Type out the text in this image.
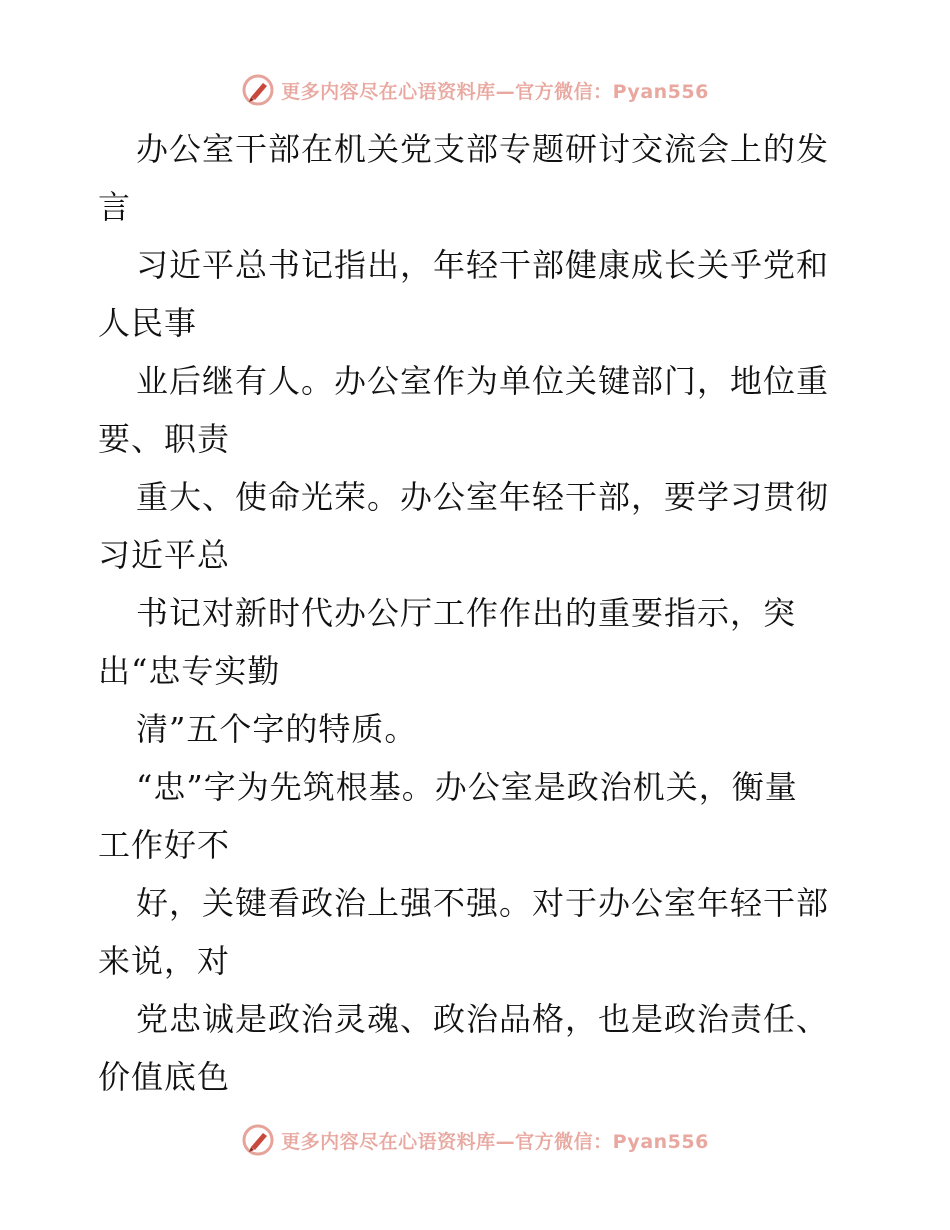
更多内容尽在心语资料库—官方微信：Pyan556
办公室干部在机关党支部专题研讨交流会上的发
言
习近平总书记指出，年轻干部健康成长关乎党和
人民事
业后继有人。办公室作为单位关键部门，地位重
要、职责
重大、使命光荣。办公室年轻干部，要学习贯彻
习近平总
书记对新时代办公厅工作作出的重要指示，突
出“忠专实勤
清”五个字的特质。
“忠”字为先筑根基。办公室是政治机关，衡量
工作好不
好，关键看政治上强不强。对于办公室年轻干部
来说，对
党忠诚是政治灵魂、政治品格，也是政治责任、
价值底色
更多内容尽在心语资料库—官方微信：Pyan556
